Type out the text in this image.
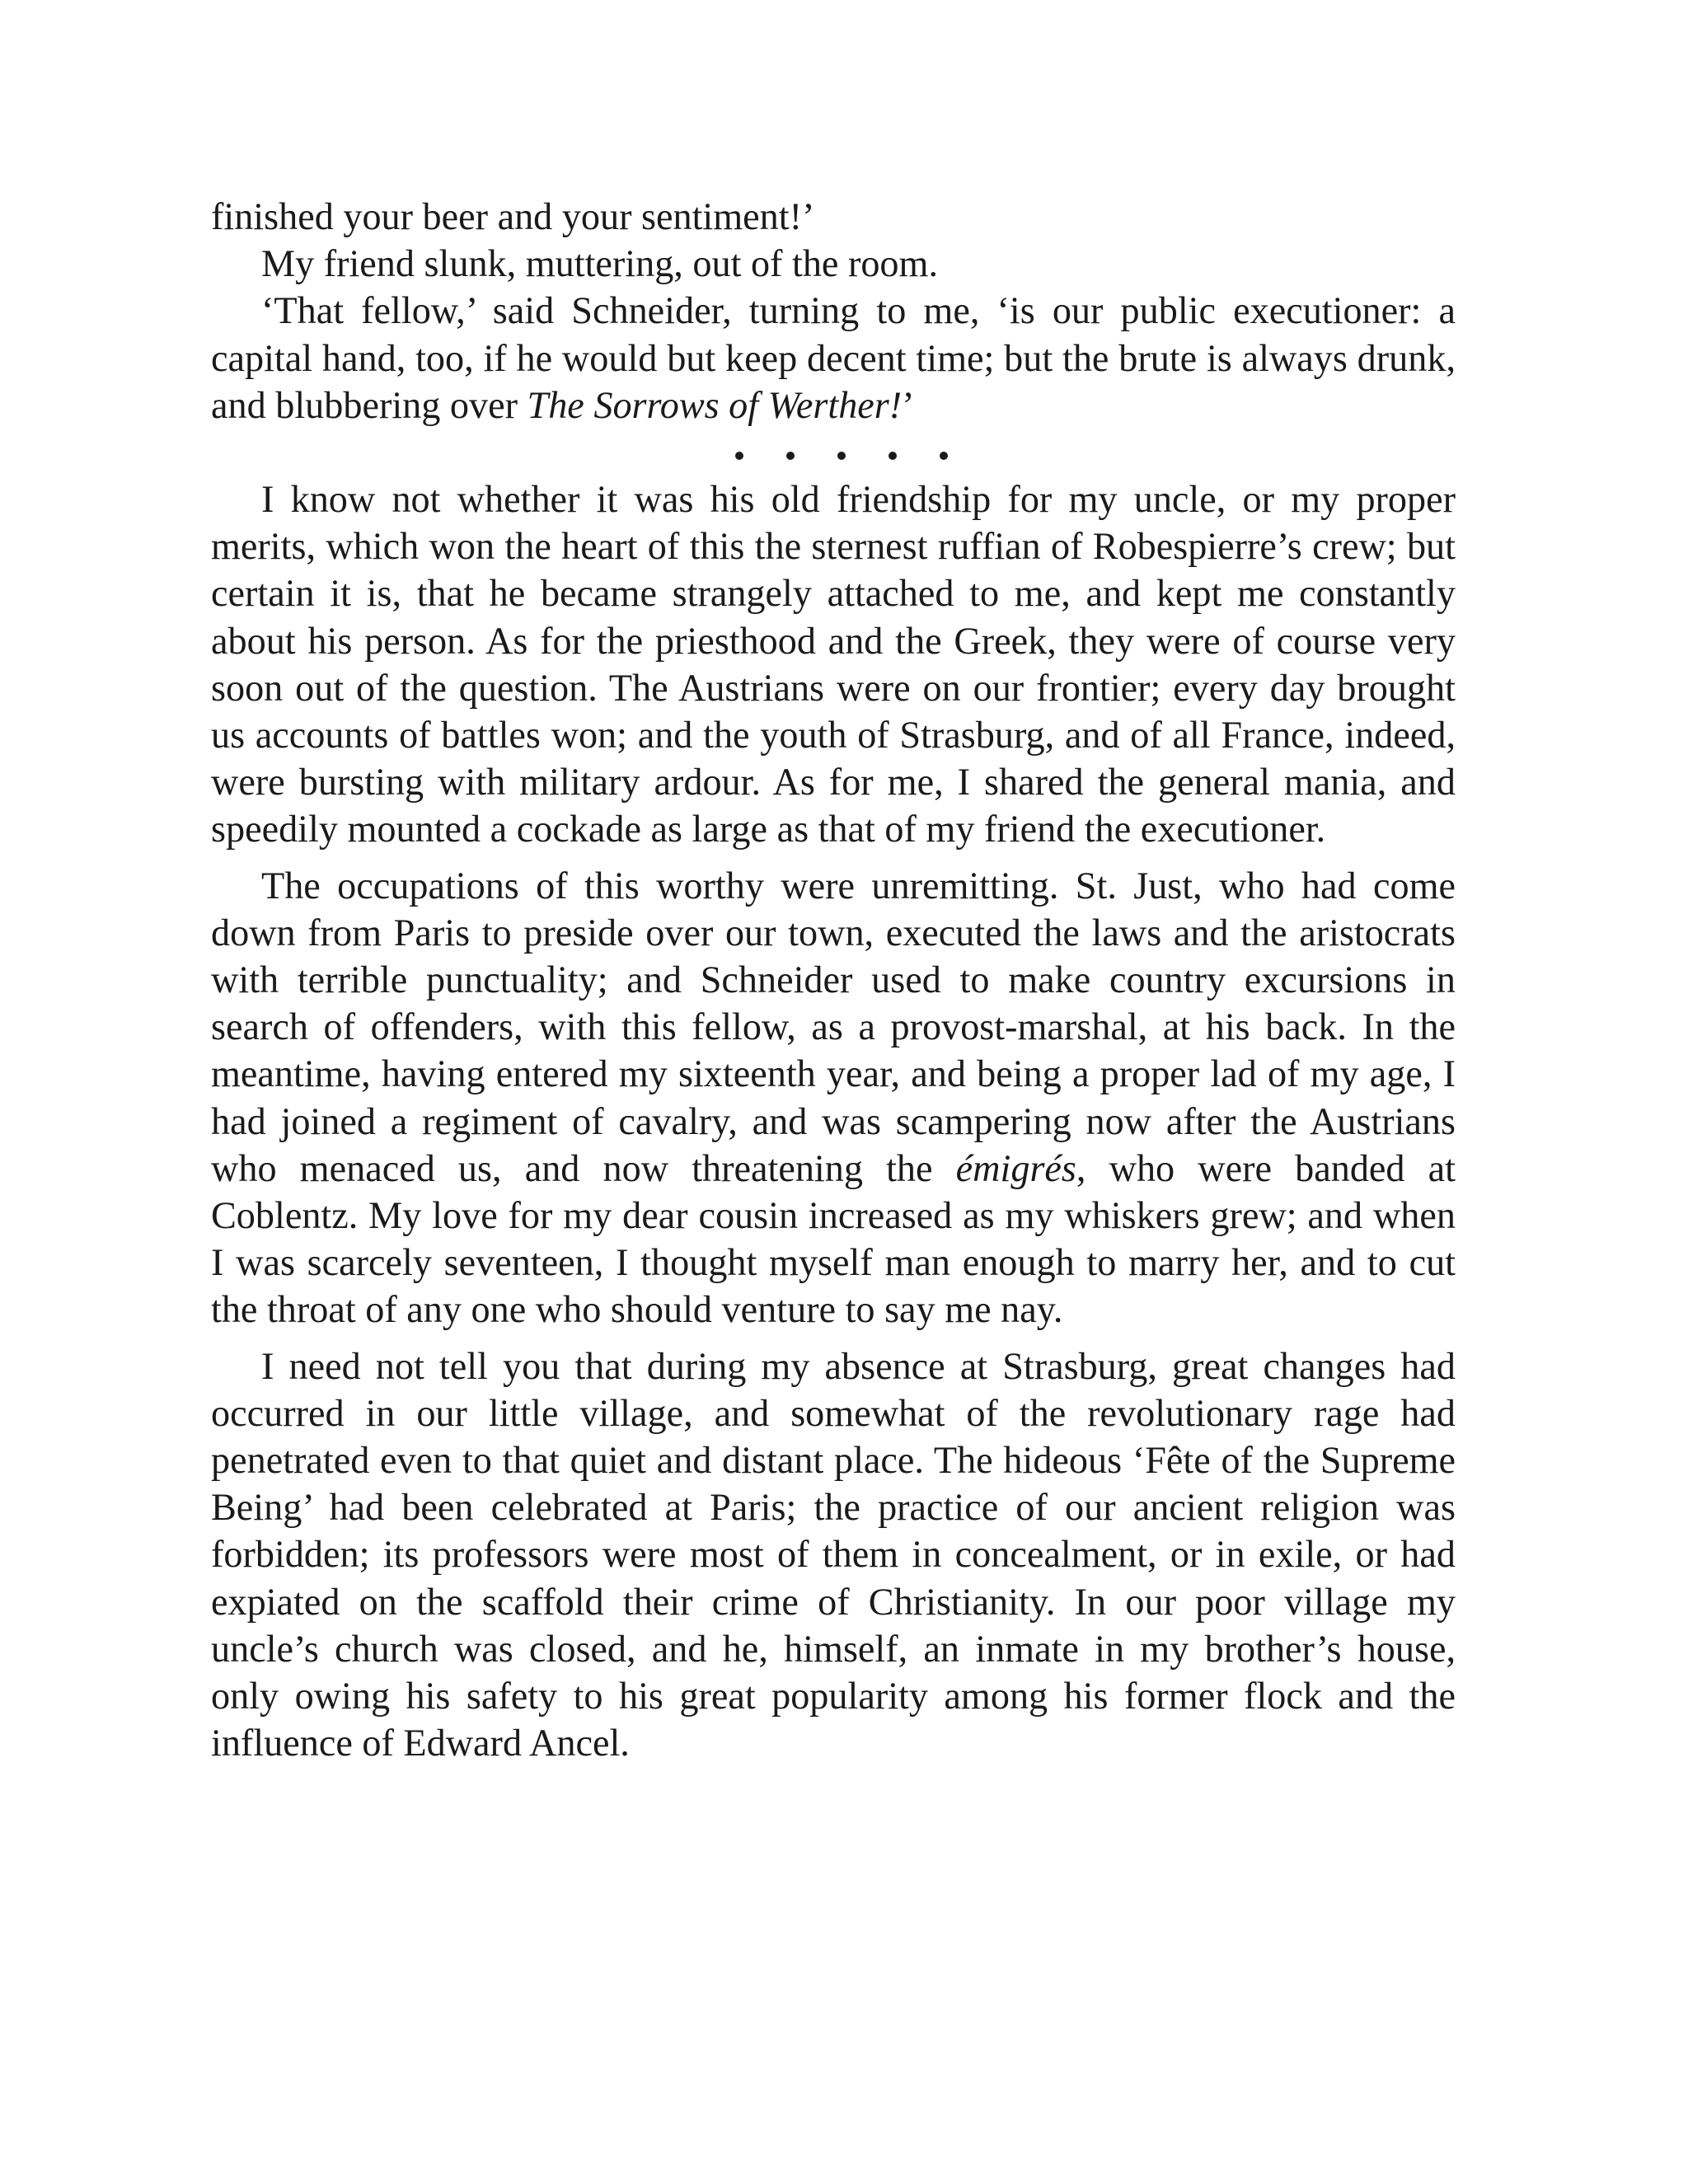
finished your beer and your sentiment!’

My friend slunk, muttering, out of the room.

‘That fellow,’ said Schneider, turning to me, ‘is our public executioner: a capital hand, too, if he would but keep decent time; but the brute is always drunk, and blubbering over The Sorrows of Werther!’

I know not whether it was his old friendship for my uncle, or my proper merits, which won the heart of this the sternest ruffian of Robespierre’s crew; but certain it is, that he became strangely attached to me, and kept me constantly about his person. As for the priesthood and the Greek, they were of course very soon out of the question. The Austrians were on our frontier; every day brought us accounts of battles won; and the youth of Strasburg, and of all France, indeed, were bursting with military ardour. As for me, I shared the general mania, and speedily mounted a cockade as large as that of my friend the executioner.

The occupations of this worthy were unremitting. St. Just, who had come down from Paris to preside over our town, executed the laws and the aristocrats with terrible punctuality; and Schneider used to make country excursions in search of offenders, with this fellow, as a provost-marshal, at his back. In the meantime, having entered my sixteenth year, and being a proper lad of my age, I had joined a regiment of cavalry, and was scampering now after the Austrians who menaced us, and now threatening the émigrés, who were banded at Coblentz. My love for my dear cousin increased as my whiskers grew; and when I was scarcely seventeen, I thought myself man enough to marry her, and to cut the throat of any one who should venture to say me nay.

I need not tell you that during my absence at Strasburg, great changes had occurred in our little village, and somewhat of the revolutionary rage had penetrated even to that quiet and distant place. The hideous ‘Fête of the Supreme Being’ had been celebrated at Paris; the practice of our ancient religion was forbidden; its professors were most of them in concealment, or in exile, or had expiated on the scaffold their crime of Christianity. In our poor village my uncle’s church was closed, and he, himself, an inmate in my brother’s house, only owing his safety to his great popularity among his former flock and the influence of Edward Ancel.
